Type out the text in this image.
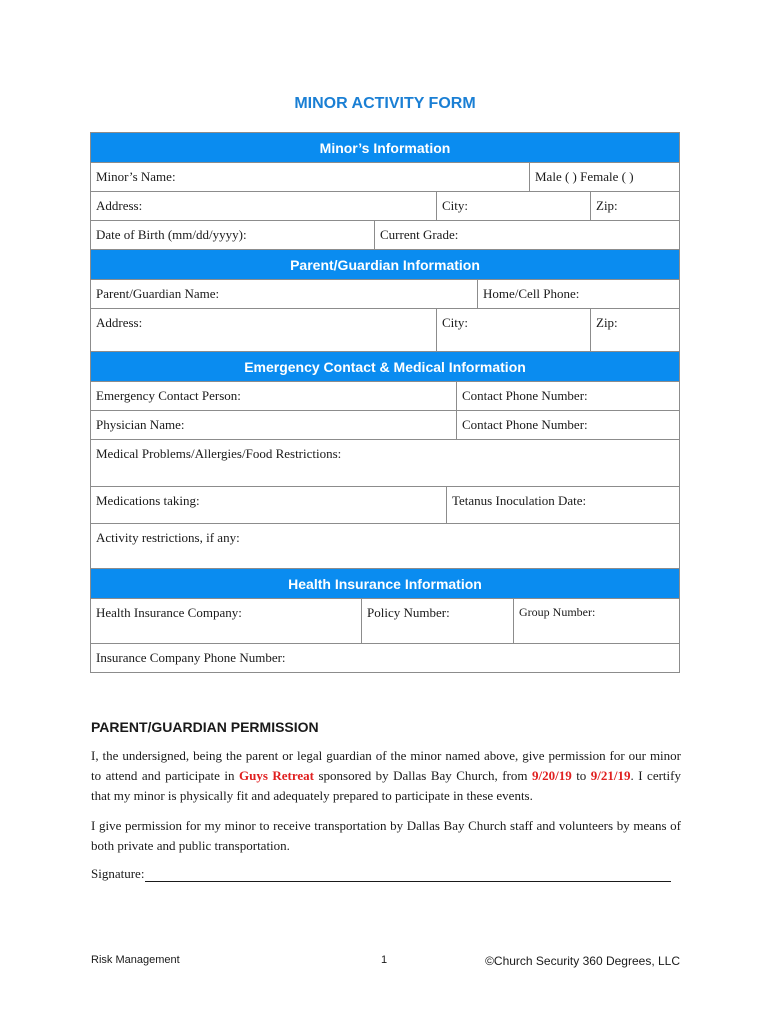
MINOR ACTIVITY FORM
Minor’s Information
Minor’s Name:	Male ( ) Female ( )
Address:	City:	Zip:
Date of Birth (mm/dd/yyyy):	Current Grade:
Parent/Guardian Information
Parent/Guardian Name:	Home/Cell Phone:
Address:	City:	Zip:
Emergency Contact & Medical Information
Emergency Contact Person:	Contact Phone Number:
Physician Name:	Contact Phone Number:
Medical Problems/Allergies/Food Restrictions:
Medications taking:	Tetanus Inoculation Date:
Activity restrictions, if any:
Health Insurance Information
Health Insurance Company:	Policy Number:	Group Number:
Insurance Company Phone Number:
PARENT/GUARDIAN PERMISSION
I, the undersigned, being the parent or legal guardian of the minor named above, give permission for our minor to attend and participate in Guys Retreat sponsored by Dallas Bay Church, from 9/20/19 to 9/21/19. I certify that my minor is physically fit and adequately prepared to participate in these events.
I give permission for my minor to receive transportation by Dallas Bay Church staff and volunteers by means of both private and public transportation.
Signature:
Risk Management	1	©Church Security 360 Degrees, LLC
